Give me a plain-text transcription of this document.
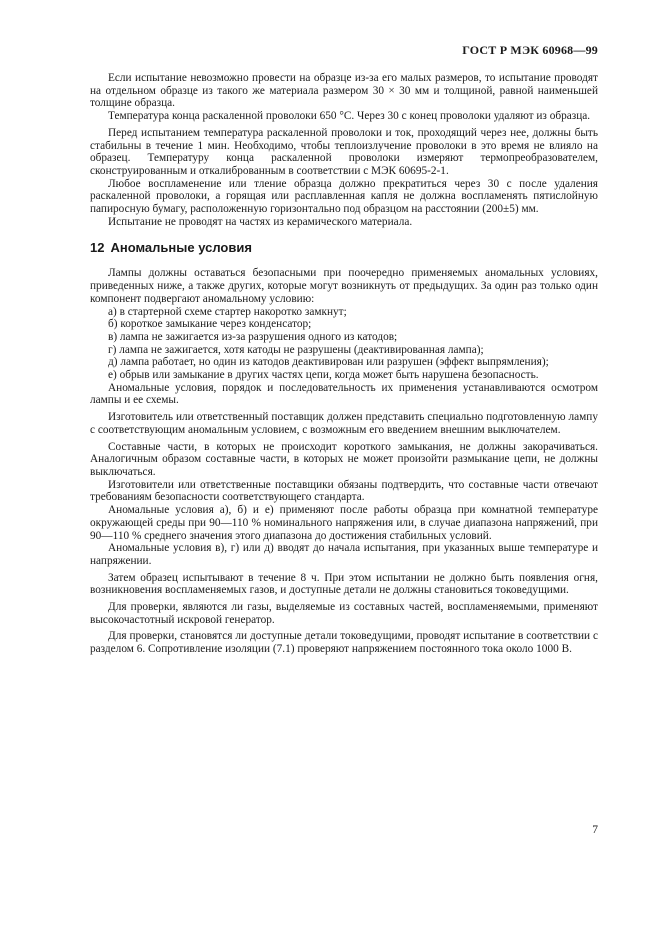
ГОСТ Р МЭК 60968—99

Если испытание невозможно провести на образце из-за его малых размеров, то испытание проводят на отдельном образце из такого же материала размером 30 × 30 мм и толщиной, равной наименьшей толщине образца.

Температура конца раскаленной проволоки 650 °С. Через 30 с конец проволоки удаляют из образца.

Перед испытанием температура раскаленной проволоки и ток, проходящий через нее, должны быть стабильны в течение 1 мин. Необходимо, чтобы теплоизлучение проволоки в это время не влияло на образец. Температуру конца раскаленной проволоки измеряют термопреобразователем, сконструированным и откалиброванным в соответствии с МЭК 60695-2-1.

Любое воспламенение или тление образца должно прекратиться через 30 с после удаления раскаленной проволоки, а горящая или расплавленная капля не должна воспламенять пятислойную папиросную бумагу, расположенную горизонтально под образцом на расстоянии (200±5) мм.

Испытание не проводят на частях из керамического материала.

12 Аномальные условия

Лампы должны оставаться безопасными при поочередно применяемых аномальных условиях, приведенных ниже, а также других, которые могут возникнуть от предыдущих. За один раз только один компонент подвергают аномальному условию:

а) в стартерной схеме стартер накоротко замкнут;

б) короткое замыкание через конденсатор;

в) лампа не зажигается из-за разрушения одного из катодов;

г) лампа не зажигается, хотя катоды не разрушены (деактивированная лампа);

д) лампа работает, но один из катодов деактивирован или разрушен (эффект выпрямления);

е) обрыв или замыкание в других частях цепи, когда может быть нарушена безопасность.

Аномальные условия, порядок и последовательность их применения устанавливаются осмотром лампы и ее схемы.

Изготовитель или ответственный поставщик должен представить специально подготовленную лампу с соответствующим аномальным условием, с возможным его введением внешним выключателем.

Составные части, в которых не происходит короткого замыкания, не должны закорачиваться. Аналогичным образом составные части, в которых не может произойти размыкание цепи, не должны выключаться.

Изготовители или ответственные поставщики обязаны подтвердить, что составные части отвечают требованиям безопасности соответствующего стандарта.

Аномальные условия а), б) и е) применяют после работы образца при комнатной температуре окружающей среды при 90—110 % номинального напряжения или, в случае диапазона напряжений, при 90—110 % среднего значения этого диапазона до достижения стабильных условий.

Аномальные условия в), г) или д) вводят до начала испытания, при указанных выше температуре и напряжении.

Затем образец испытывают в течение 8 ч. При этом испытании не должно быть появления огня, возникновения воспламеняемых газов, и доступные детали не должны становиться токоведущими.

Для проверки, являются ли газы, выделяемые из составных частей, воспламеняемыми, применяют высокочастотный искровой генератор.

Для проверки, становятся ли доступные детали токоведущими, проводят испытание в соответствии с разделом 6. Сопротивление изоляции (7.1) проверяют напряжением постоянного тока около 1000 В.

7
